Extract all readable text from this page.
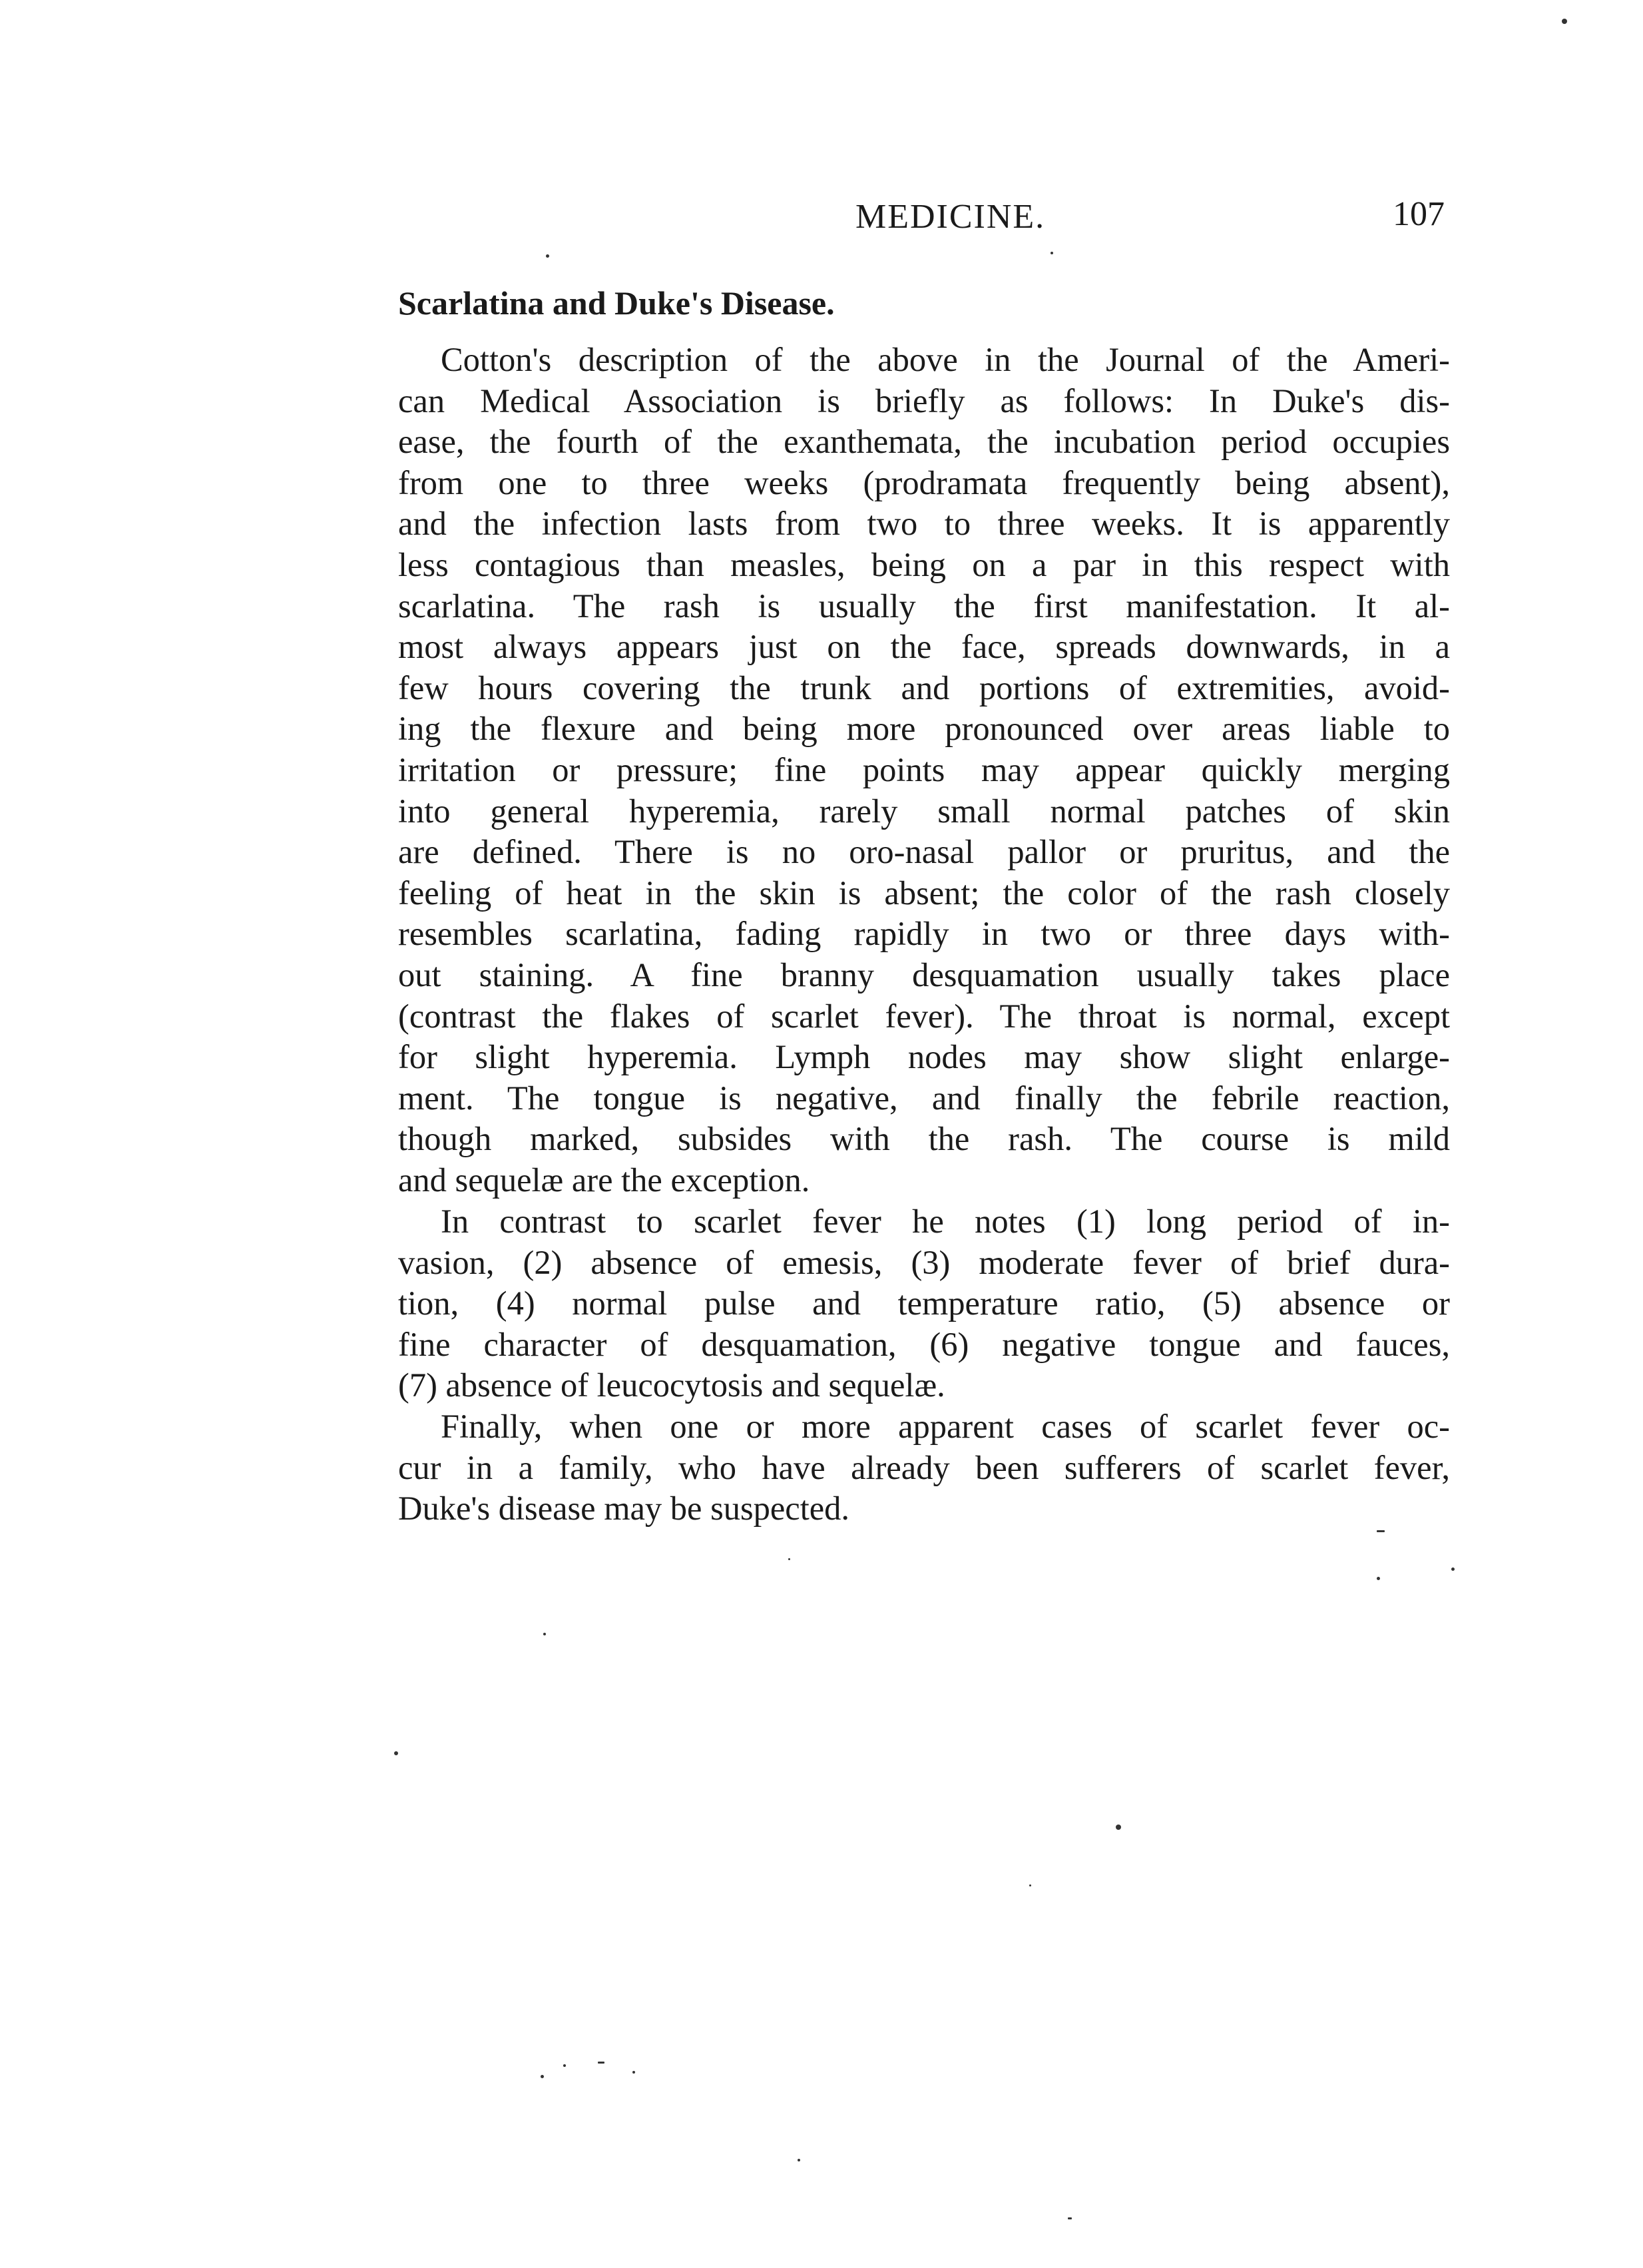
MEDICINE.	107
Scarlatina and Duke's Disease.
Cotton's description of the above in the Journal of the Ameri-
can Medical Association is briefly as follows: In Duke's dis-
ease, the fourth of the exanthemata, the incubation period occupies
from one to three weeks (prodramata frequently being absent),
and the infection lasts from two to three weeks. It is apparently
less contagious than measles, being on a par in this respect with
scarlatina. The rash is usually the first manifestation. It al-
most always appears just on the face, spreads downwards, in a
few hours covering the trunk and portions of extremities, avoid-
ing the flexure and being more pronounced over areas liable to
irritation or pressure; fine points may appear quickly merging
into general hyperemia, rarely small normal patches of skin
are defined. There is no oro-nasal pallor or pruritus, and the
feeling of heat in the skin is absent; the color of the rash closely
resembles scarlatina, fading rapidly in two or three days with-
out staining. A fine branny desquamation usually takes place
(contrast the flakes of scarlet fever). The throat is normal, except
for slight hyperemia. Lymph nodes may show slight enlarge-
ment. The tongue is negative, and finally the febrile reaction,
though marked, subsides with the rash. The course is mild
and sequelæ are the exception.
In contrast to scarlet fever he notes (1) long period of in-
vasion, (2) absence of emesis, (3) moderate fever of brief dura-
tion, (4) normal pulse and temperature ratio, (5) absence or
fine character of desquamation, (6) negative tongue and fauces,
(7) absence of leucocytosis and sequelæ.
Finally, when one or more apparent cases of scarlet fever oc-
cur in a family, who have already been sufferers of scarlet fever,
Duke's disease may be suspected.
